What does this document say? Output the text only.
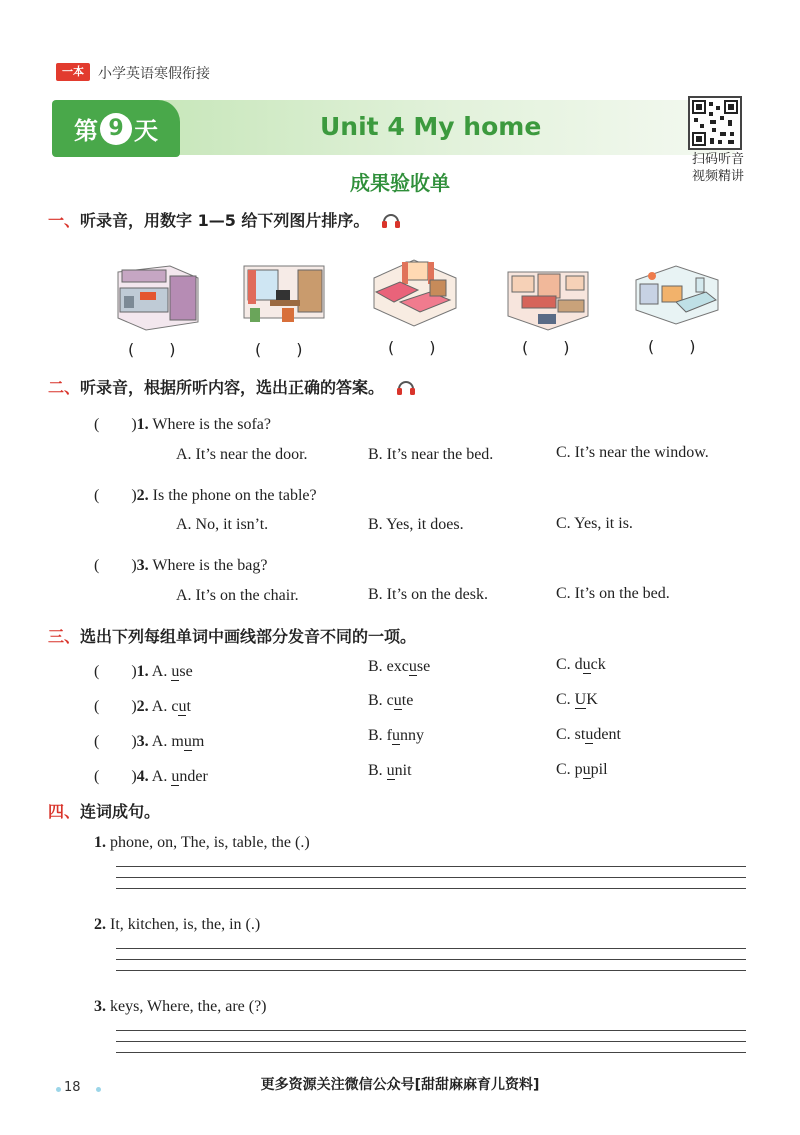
一本	小学英语寒假衔接
第 9 天	Unit 4 My home
扫码听音
视频精讲
成果验收单
一、听录音，用数字 1—5 给下列图片排序。
(　　)	(　　)	(　　)	(　　)	(　　)
二、听录音，根据所听内容，选出正确的答案。
(　　)1. Where is the sofa?
A. It’s near the door.	B. It’s near the bed.	C. It’s near the window.
(　　)2. Is the phone on the table?
A. No, it isn’t.	B. Yes, it does.	C. Yes, it is.
(　　)3. Where is the bag?
A. It’s on the chair.	B. It’s on the desk.	C. It’s on the bed.
三、选出下列每组单词中画线部分发音不同的一项。
(　　)1. A. use	B. excuse	C. duck
(　　)2. A. cut	B. cute	C. UK
(　　)3. A. mum	B. funny	C. student
(　　)4. A. under	B. unit	C. pupil
四、连词成句。
1. phone, on, The, is, table, the (.)
2. It, kitchen, is, the, in (.)
3. keys, Where, the, are (?)
18	更多资源关注微信公众号[甜甜麻麻育儿资料]
